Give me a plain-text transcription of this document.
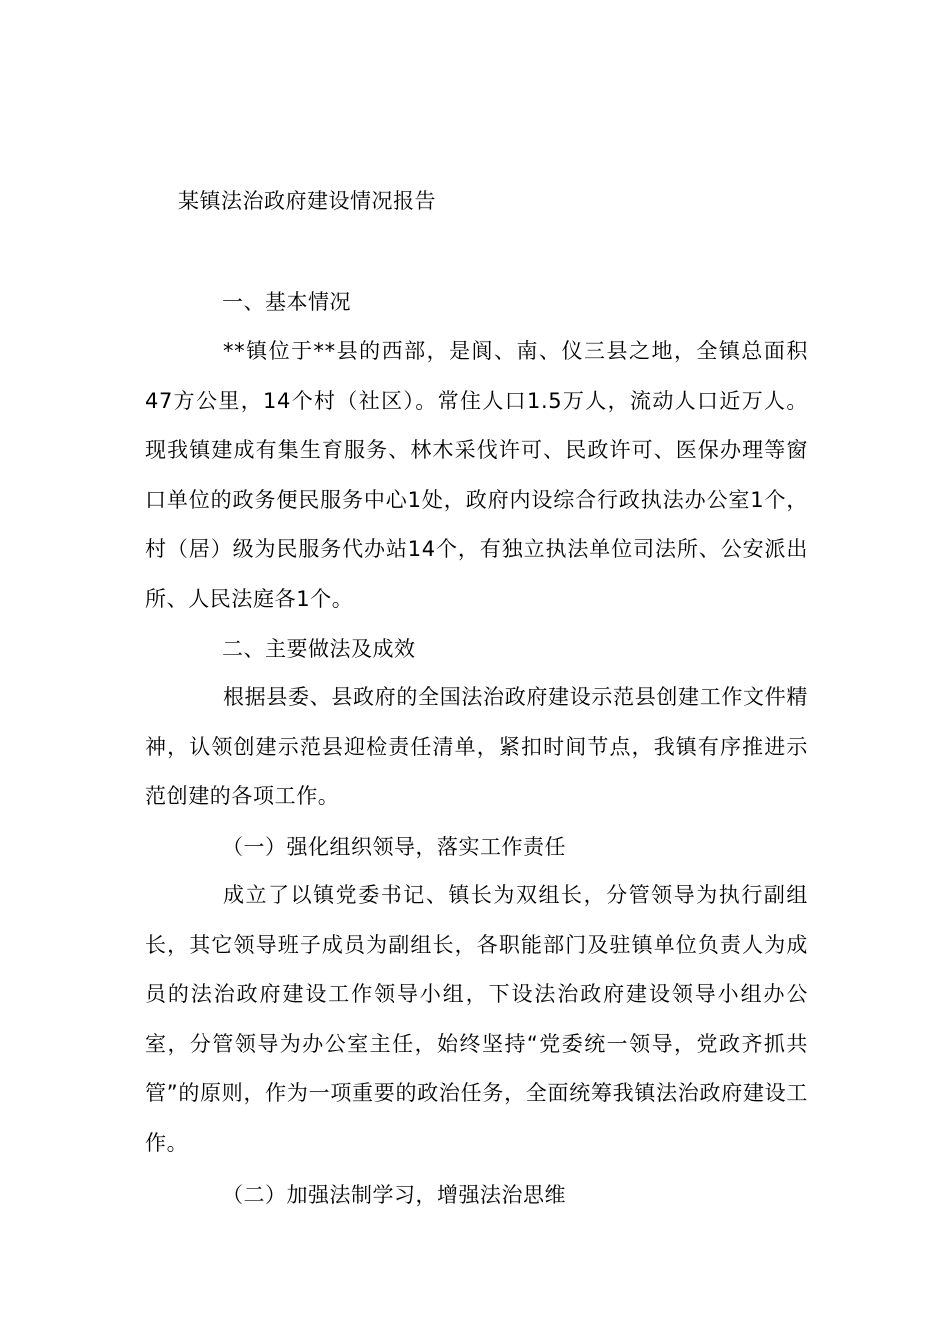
某镇法治政府建设情况报告
一、基本情况

**镇位于**县的西部，是阆、南、仪三县之地，全镇总面积47方公里，14个村（社区）。常住人口1.5万人，流动人口近万人。现我镇建成有集生育服务、林木采伐许可、民政许可、医保办理等窗口单位的政务便民服务中心1处，政府内设综合行政执法办公室1个，村（居）级为民服务代办站14个，有独立执法单位司法所、公安派出所、人民法庭各1个。

二、主要做法及成效

根据县委、县政府的全国法治政府建设示范县创建工作文件精神，认领创建示范县迎检责任清单，紧扣时间节点，我镇有序推进示范创建的各项工作。

（一）强化组织领导，落实工作责任

成立了以镇党委书记、镇长为双组长，分管领导为执行副组长，其它领导班子成员为副组长，各职能部门及驻镇单位负责人为成员的法治政府建设工作领导小组，下设法治政府建设领导小组办公室，分管领导为办公室主任，始终坚持“党委统一领导，党政齐抓共管”的原则，作为一项重要的政治任务，全面统筹我镇法治政府建设工作。

（二）加强法制学习，增强法治思维
